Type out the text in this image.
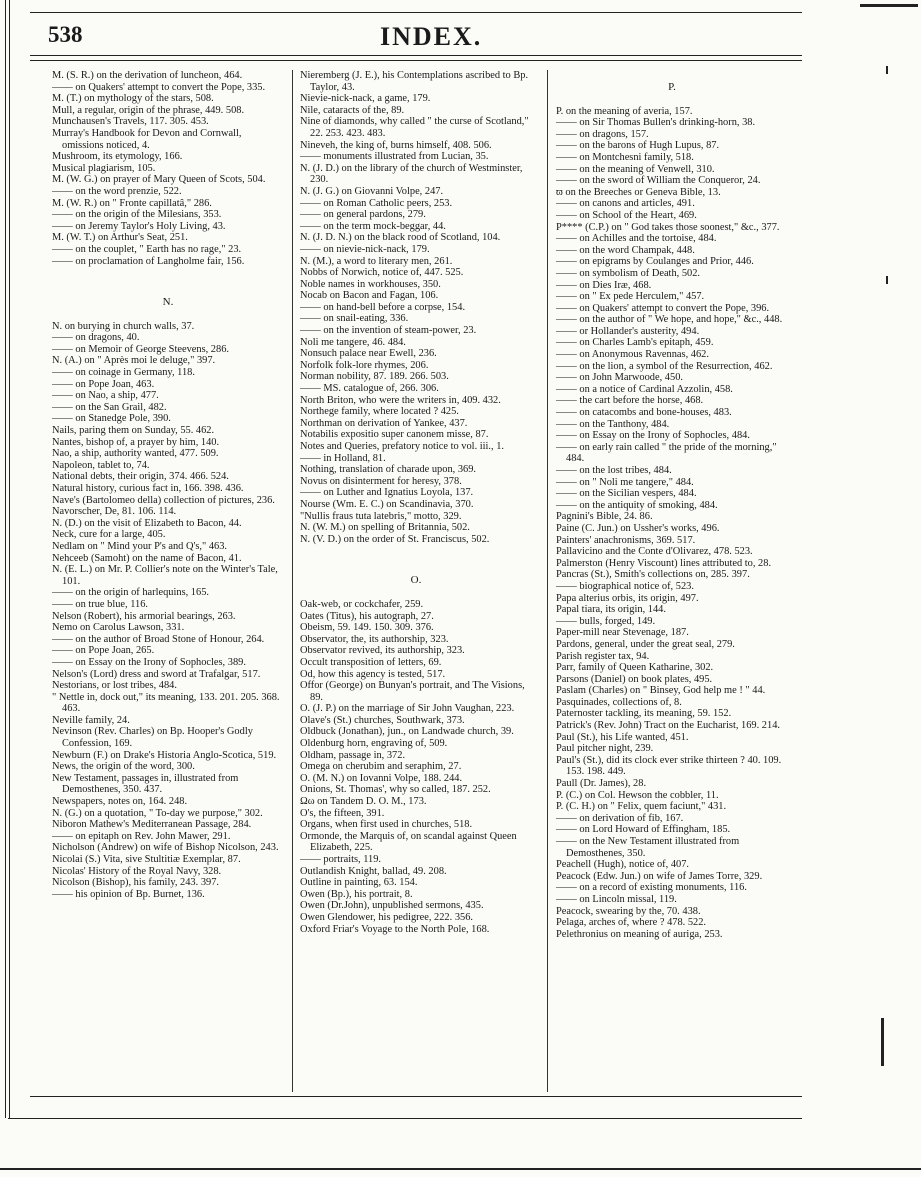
538	INDEX.

M. (S. R.) on the derivation of luncheon, 464.

—— on Quakers' attempt to convert the Pope, 335.

M. (T.) on mythology of the stars, 508.

Mull, a regular, origin of the phrase, 449. 508.

Munchausen's Travels, 117. 305. 453.

Murray's Handbook for Devon and Cornwall, omissions noticed, 4.

Mushroom, its etymology, 166.

Musical plagiarism, 105.

M. (W. G.) on prayer of Mary Queen of Scots, 504.

—— on the word prenzie, 522.

M. (W. R.) on " Fronte capillatâ," 286.

—— on the origin of the Milesians, 353.

—— on Jeremy Taylor's Holy Living, 43.

M. (W. T.) on Arthur's Seat, 251.

—— on the couplet, " Earth has no rage," 23.

—— on proclamation of Langholme fair, 156.

N.

N. on burying in church walls, 37.

—— on dragons, 40.

—— on Memoir of George Steevens, 286.

N. (A.) on " Après moi le deluge," 397.

—— on coinage in Germany, 118.

—— on Pope Joan, 463.

—— on Nao, a ship, 477.

—— on the San Grail, 482.

—— on Stanedge Pole, 390.

Nails, paring them on Sunday, 55. 462.

Nantes, bishop of, a prayer by him, 140.

Nao, a ship, authority wanted, 477. 509.

Napoleon, tablet to, 74.

National debts, their origin, 374. 466. 524.

Natural history, curious fact in, 166. 398. 436.

Nave's (Bartolomeo della) collection of pictures, 236.

Navorscher, De, 81. 106. 114.

N. (D.) on the visit of Elizabeth to Bacon, 44.

Neck, cure for a large, 405.

Nedlam on " Mind your P's and Q's," 463.

Nehceeb (Samoht) on the name of Bacon, 41.

N. (E. L.) on Mr. P. Collier's note on the Winter's Tale, 101.

—— on the origin of harlequins, 165.

—— on true blue, 116.

Nelson (Robert), his armorial bearings, 263.

Nemo on Carolus Lawson, 331.

—— on the author of Broad Stone of Honour, 264.

—— on Pope Joan, 265.

—— on Essay on the Irony of Sophocles, 389.

Nelson's (Lord) dress and sword at Trafalgar, 517.

Nestorians, or lost tribes, 484.

" Nettle in, dock out," its meaning, 133. 201. 205. 368. 463.

Neville family, 24.

Nevinson (Rev. Charles) on Bp. Hooper's Godly Confession, 169.

Newburn (F.) on Drake's Historia Anglo-Scotica, 519.

News, the origin of the word, 300.

New Testament, passages in, illustrated from Demosthenes, 350. 437.

Newspapers, notes on, 164. 248.

N. (G.) on a quotation, " To-day we purpose," 302.

Niboron Mathew's Mediterranean Passage, 284.

—— on epitaph on Rev. John Mawer, 291.

Nicholson (Andrew) on wife of Bishop Nicolson, 243.

Nicolai (S.) Vita, sive Stultitiæ Exemplar, 87.

Nicolas' History of the Royal Navy, 328.

Nicolson (Bishop), his family, 243. 397.

—— his opinion of Bp. Burnet, 136.

Nieremberg (J. E.), his Contemplations ascribed to Bp. Taylor, 43.

Nievie-nick-nack, a game, 179.

Nile, cataracts of the, 89.

Nine of diamonds, why called " the curse of Scotland," 22. 253. 423. 483.

Nineveh, the king of, burns himself, 408. 506.

—— monuments illustrated from Lucian, 35.

N. (J. D.) on the library of the church of Westminster, 230.

N. (J. G.) on Giovanni Volpe, 247.

—— on Roman Catholic peers, 253.

—— on general pardons, 279.

—— on the term mock-beggar, 44.

N. (J. D. N.) on the black rood of Scotland, 104.

—— on nievie-nick-nack, 179.

N. (M.), a word to literary men, 261.

Nobbs of Norwich, notice of, 447. 525.

Noble names in workhouses, 350.

Nocab on Bacon and Fagan, 106.

—— on hand-bell before a corpse, 154.

—— on snail-eating, 336.

—— on the invention of steam-power, 23.

Noli me tangere, 46. 484.

Nonsuch palace near Ewell, 236.

Norfolk folk-lore rhymes, 206.

Norman nobility, 87. 189. 266. 503.

—— MS. catalogue of, 266. 306.

North Briton, who were the writers in, 409. 432.

Northege family, where located ? 425.

Northman on derivation of Yankee, 437.

Notabilis expositio super canonem misse, 87.

Notes and Queries, prefatory notice to vol. iii., 1.

—— in Holland, 81.

Nothing, translation of charade upon, 369.

Novus on disinterment for heresy, 378.

—— on Luther and Ignatius Loyola, 137.

Nourse (Wm. E. C.) on Scandinavia, 370.

"Nullis fraus tuta latebris," motto, 329.

N. (W. M.) on spelling of Britannia, 502.

N. (V. D.) on the order of St. Franciscus, 502.

O.

Oak-web, or cockchafer, 259.

Oates (Titus), his autograph, 27.

Obeism, 59. 149. 150. 309. 376.

Observator, the, its authorship, 323.

Observator revived, its authorship, 323.

Occult transposition of letters, 69.

Od, how this agency is tested, 517.

Offor (George) on Bunyan's portrait, and The Visions, 89.

O. (J. P.) on the marriage of Sir John Vaughan, 223.

Olave's (St.) churches, Southwark, 373.

Oldbuck (Jonathan), jun., on Landwade church, 39.

Oldenburg horn, engraving of, 509.

Oldham, passage in, 372.

Omega on cherubim and seraphim, 27.

O. (M. N.) on Iovanni Volpe, 188. 244.

Onions, St. Thomas', why so called, 187. 252.

Ωω on Tandem D. O. M., 173.

O's, the fifteen, 391.

Organs, when first used in churches, 518.

Ormonde, the Marquis of, on scandal against Queen Elizabeth, 225.

—— portraits, 119.

Outlandish Knight, ballad, 49. 208.

Outline in painting, 63. 154.

Owen (Bp.), his portrait, 8.

Owen (Dr.John), unpublished sermons, 435.

Owen Glendower, his pedigree, 222. 356.

Oxford Friar's Voyage to the North Pole, 168.

P.

P. on the meaning of averia, 157.

—— on Sir Thomas Bullen's drinking-horn, 38.

—— on dragons, 157.

—— on the barons of Hugh Lupus, 87.

—— on Montchesni family, 518.

—— on the meaning of Venwell, 310.

—— on the sword of William the Conqueror, 24.

ϖ on the Breeches or Geneva Bible, 13.

—— on canons and articles, 491.

—— on School of the Heart, 469.

P**** (C.P.) on " God takes those soonest," &c., 377.

—— on Achilles and the tortoise, 484.

—— on the word Champak, 448.

—— on epigrams by Coulanges and Prior, 446.

—— on symbolism of Death, 502.

—— on Dies Iræ, 468.

—— on " Ex pede Herculem," 457.

—— on Quakers' attempt to convert the Pope, 396.

—— on the author of " We hope, and hope," &c., 448.

—— or Hollander's austerity, 494.

—— on Charles Lamb's epitaph, 459.

—— on Anonymous Ravennas, 462.

—— on the lion, a symbol of the Resurrection, 462.

—— on John Marwoode, 450.

—— on a notice of Cardinal Azzolin, 458.

—— the cart before the horse, 468.

—— on catacombs and bone-houses, 483.

—— on the Tanthony, 484.

—— on Essay on the Irony of Sophocles, 484.

—— on early rain called " the pride of the morning," 484.

—— on the lost tribes, 484.

—— on " Noli me tangere," 484.

—— on the Sicilian vespers, 484.

—— on the antiquity of smoking, 484.

Pagnini's Bible, 24. 86.

Paine (C. Jun.) on Ussher's works, 496.

Painters' anachronisms, 369. 517.

Pallavicino and the Conte d'Olivarez, 478. 523.

Palmerston (Henry Viscount) lines attributed to, 28.

Pancras (St.), Smith's collections on, 285. 397.

—— biographical notice of, 523.

Papa alterius orbis, its origin, 497.

Papal tiara, its origin, 144.

—— bulls, forged, 149.

Paper-mill near Stevenage, 187.

Pardons, general, under the great seal, 279.

Parish register tax, 94.

Parr, family of Queen Katharine, 302.

Parsons (Daniel) on book plates, 495.

Paslam (Charles) on " Binsey, God help me ! " 44.

Pasquinades, collections of, 8.

Paternoster tackling, its meaning, 59. 152.

Patrick's (Rev. John) Tract on the Eucharist, 169. 214.

Paul (St.), his Life wanted, 451.

Paul pitcher night, 239.

Paul's (St.), did its clock ever strike thirteen ? 40. 109. 153. 198. 449.

Paull (Dr. James), 28.

P. (C.) on Col. Hewson the cobbler, 11.

P. (C. H.) on " Felix, quem faciunt," 431.

—— on derivation of fib, 167.

—— on Lord Howard of Effingham, 185.

—— on the New Testament illustrated from Demosthenes, 350.

Peachell (Hugh), notice of, 407.

Peacock (Edw. Jun.) on wife of James Torre, 329.

—— on a record of existing monuments, 116.

—— on Lincoln missal, 119.

Peacock, swearing by the, 70. 438.

Pelaga, arches of, where ? 478. 522.

Pelethronius on meaning of auriga, 253.
